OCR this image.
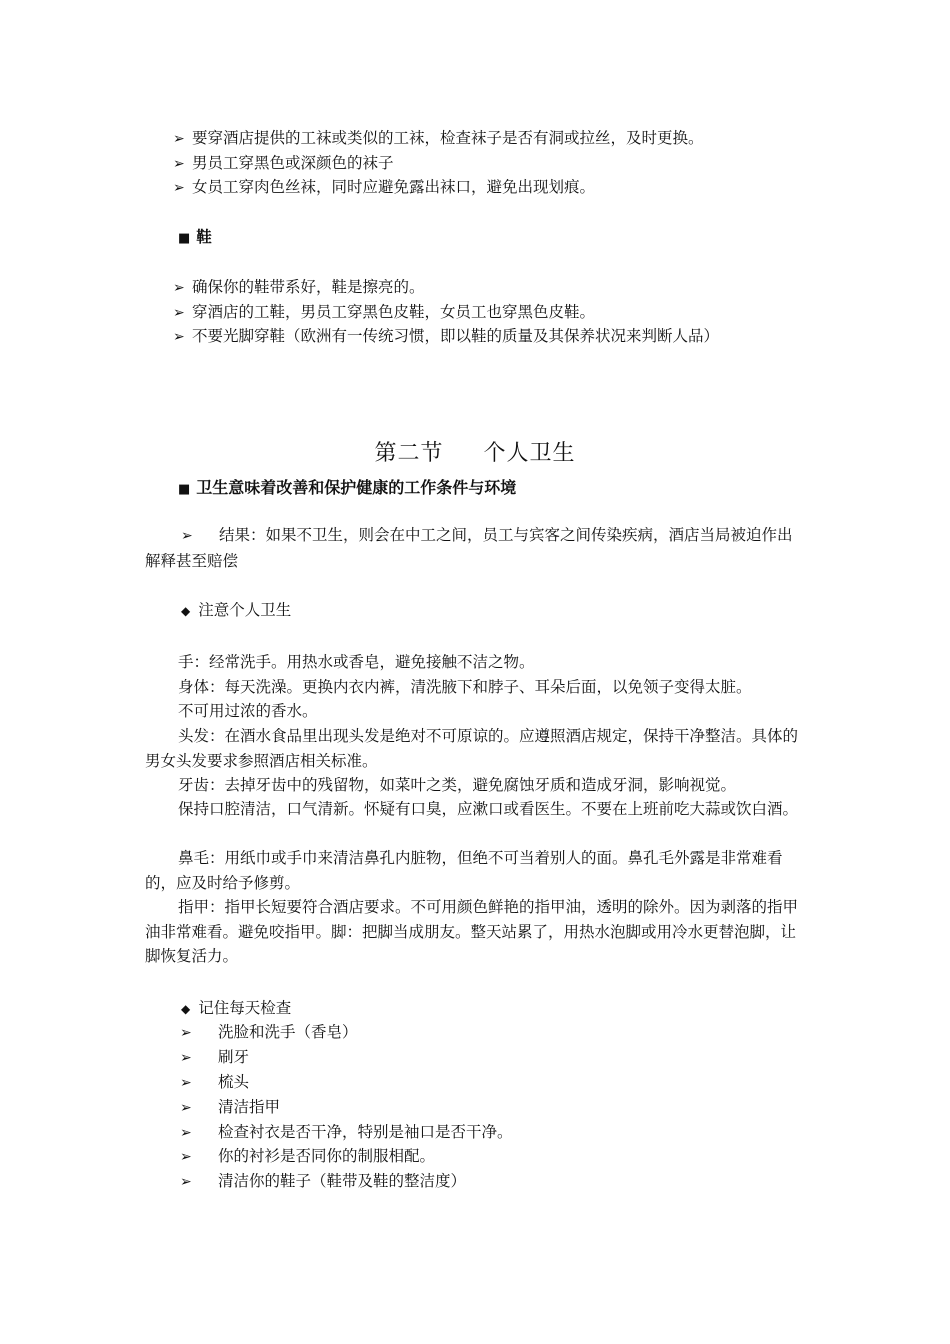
➢ 要穿酒店提供的工袜或类似的工袜，检查袜子是否有洞或拉丝，及时更换。
➢ 男员工穿黑色或深颜色的袜子
➢ 女员工穿肉色丝袜，同时应避免露出袜口，避免出现划痕。
■ 鞋
➢ 确保你的鞋带系好，鞋是擦亮的。
➢ 穿酒店的工鞋，男员工穿黑色皮鞋，女员工也穿黑色皮鞋。
➢ 不要光脚穿鞋（欧洲有一传统习惯，即以鞋的质量及其保养状况来判断人品）
第二节 个人卫生
■ 卫生意味着改善和保护健康的工作条件与环境
➢ 结果：如果不卫生，则会在中工之间，员工与宾客之间传染疾病，酒店当局被迫作出解释甚至赔偿
◆ 注意个人卫生
手：经常洗手。用热水或香皂，避免接触不洁之物。
身体：每天洗澡。更换内衣内裤，清洗腋下和脖子、耳朵后面，以免领子变得太脏。
不可用过浓的香水。
头发：在酒水食品里出现头发是绝对不可原谅的。应遵照酒店规定，保持干净整洁。具体的男女头发要求参照酒店相关标准。
牙齿：去掉牙齿中的残留物，如菜叶之类，避免腐蚀牙质和造成牙洞，影响视觉。
保持口腔清洁，口气清新。怀疑有口臭，应漱口或看医生。不要在上班前吃大蒜或饮白酒。
鼻毛：用纸巾或手巾来清洁鼻孔内脏物，但绝不可当着别人的面。鼻孔毛外露是非常难看的，应及时给予修剪。
指甲：指甲长短要符合酒店要求。不可用颜色鲜艳的指甲油，透明的除外。因为剥落的指甲油非常难看。避免咬指甲。脚：把脚当成朋友。整天站累了，用热水泡脚或用冷水更替泡脚，让脚恢复活力。
◆ 记住每天检查
➢ 洗脸和洗手（香皂）
➢ 刷牙
➢ 梳头
➢ 清洁指甲
➢ 检查衬衣是否干净，特别是袖口是否干净。
➢ 你的衬衫是否同你的制服相配。
➢ 清洁你的鞋子（鞋带及鞋的整洁度）
